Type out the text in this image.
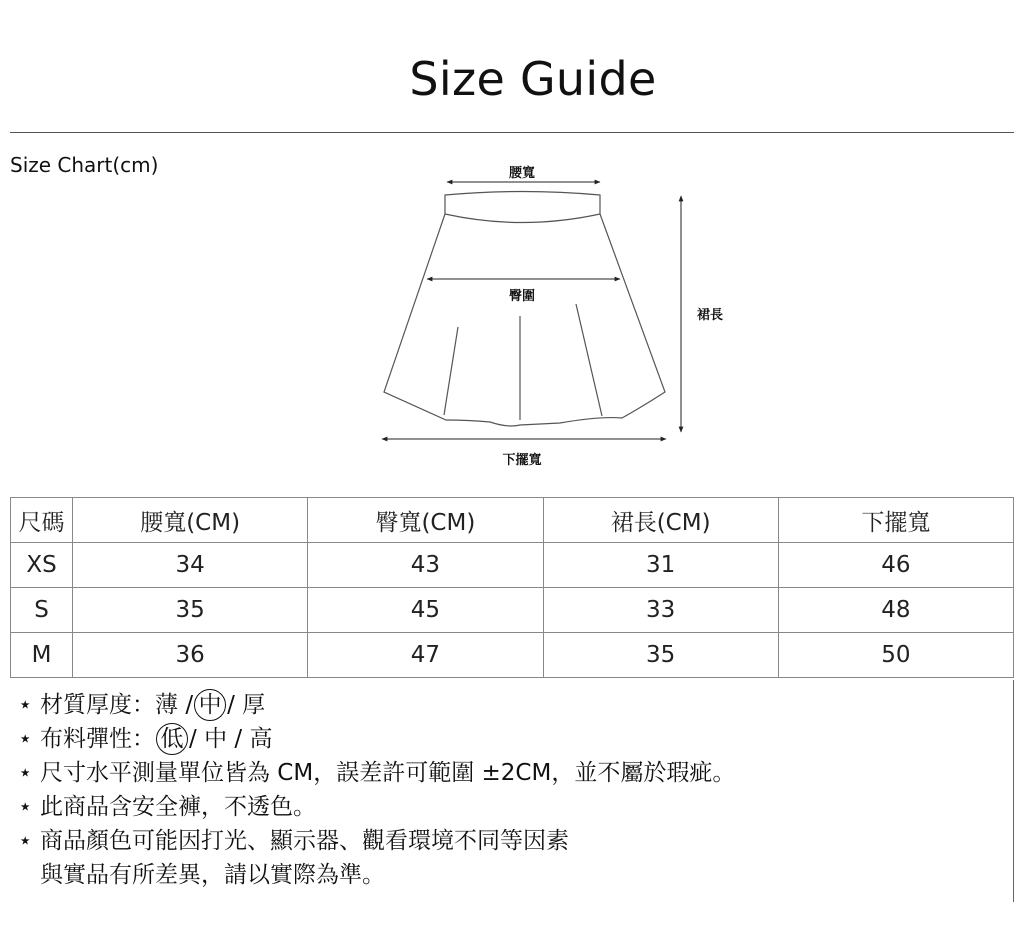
Size Guide
Size Chart(cm)	腰寬
臀圍
裙長
下擺寬
尺碼	腰寬(CM)	臀寬(CM)	裙長(CM)	下擺寬
XS	34	43	31	46
S	35	45	33	48
M	36	47	35	50
⋆ 材質厚度：薄 / 中 / 厚
⋆ 布料彈性： 低 / 中 / 高
⋆ 尺寸水平測量單位皆為 CM，誤差許可範圍 ±2CM，並不屬於瑕疵。
⋆ 此商品含安全褲，不透色。
⋆ 商品顏色可能因打光、顯示器、觀看環境不同等因素
與實品有所差異，請以實際為準。
